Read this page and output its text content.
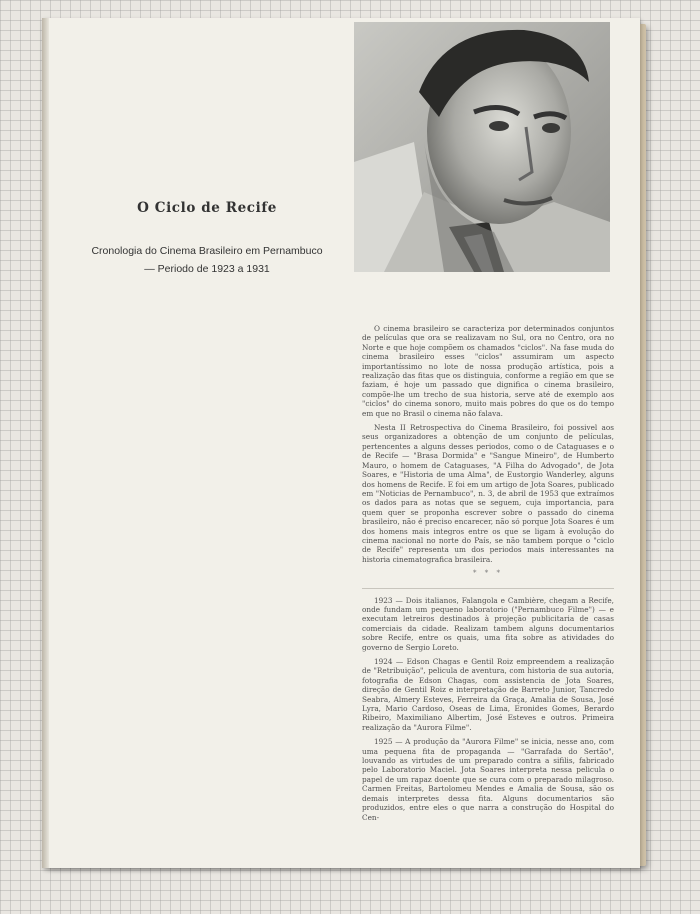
O Ciclo de Recife
Cronologia do Cinema Brasileiro em Pernambuco
— Periodo de 1923 a 1931

O cinema brasileiro se caracteriza por determinados conjuntos de películas que ora se realizavam no Sul, ora no Centro, ora no Norte e que hoje compõem os chamados "ciclos". Na fase muda do cinema brasileiro esses "ciclos" assumiram um aspecto importantíssimo no lote de nossa produção artística, pois a realização das fitas que os distinguia, conforme a região em que se faziam, é hoje um passado que dignifica o cinema brasileiro, compõe-lhe um trecho de sua historia, serve até de exemplo aos "ciclos" do cinema sonoro, muito mais pobres do que os do tempo em que no Brasil o cinema não falava.

Nesta II Retrospectiva do Cinema Brasileiro, foi possivel aos seus organizadores a obtenção de um conjunto de películas, pertencentes a alguns desses periodos, como o de Cataguases e o de Recife — "Brasa Dormida" e "Sangue Mineiro", de Humberto Mauro, o homem de Cataguases, "A Filha do Advogado", de Jota Soares, e "Historia de uma Alma", de Eustorgio Wanderley, alguns dos homens de Recife. E foi em um artigo de Jota Soares, publicado em "Noticias de Pernambuco", n. 3, de abril de 1953 que extraímos os dados para as notas que se seguem, cuja importancia, para quem quer se proponha escrever sobre o passado do cinema brasileiro, não é preciso encarecer, não só porque Jota Soares é um dos homens mais integros entre os que se ligam à evolução do cinema nacional no norte do País, se não tambem porque o "ciclo de Recife" representa um dos periodos mais interessantes na historia cinematografica brasileira.

* * *

1923 — Dois italianos, Falangola e Cambière, chegam a Recife, onde fundam um pequeno laboratorio ("Pernambuco Filme") — e executam letreiros destinados à projeção publicitaria de casas comerciais da cidade. Realizam tambem alguns documentarios sobre Recife, entre os quais, uma fita sobre as atividades do governo de Sergio Loreto.

1924 — Edson Chagas e Gentil Roiz empreendem a realização de "Retribuição", pelicula de aventura, com historia de sua autoria, fotografia de Edson Chagas, com assistencia de Jota Soares, direção de Gentil Roiz e interpretação de Barreto Junior, Tancredo Seabra, Almery Esteves, Ferreira da Graça, Amalia de Sousa, José Lyra, Mario Cardoso, Oseas de Lima, Eronides Gomes, Berardo Ribeiro, Maximiliano Albertim, José Esteves e outros. Primeira realização da "Aurora Filme".

1925 — A produção da "Aurora Filme" se inicia, nesse ano, com uma pequena fita de propaganda — "Garrafada do Sertão", louvando as virtudes de um preparado contra a sifilis, fabricado pelo Laboratorio Maciel. Jota Soares interpreta nessa pelicula o papel de um rapaz doente que se cura com o preparado milagroso. Carmen Freitas, Bartolomeu Mendes e Amalia de Sousa, são os demais interpretes dessa fita. Alguns documentarios são produzidos, entre eles o que narra a construção do Hospital do Cen-
